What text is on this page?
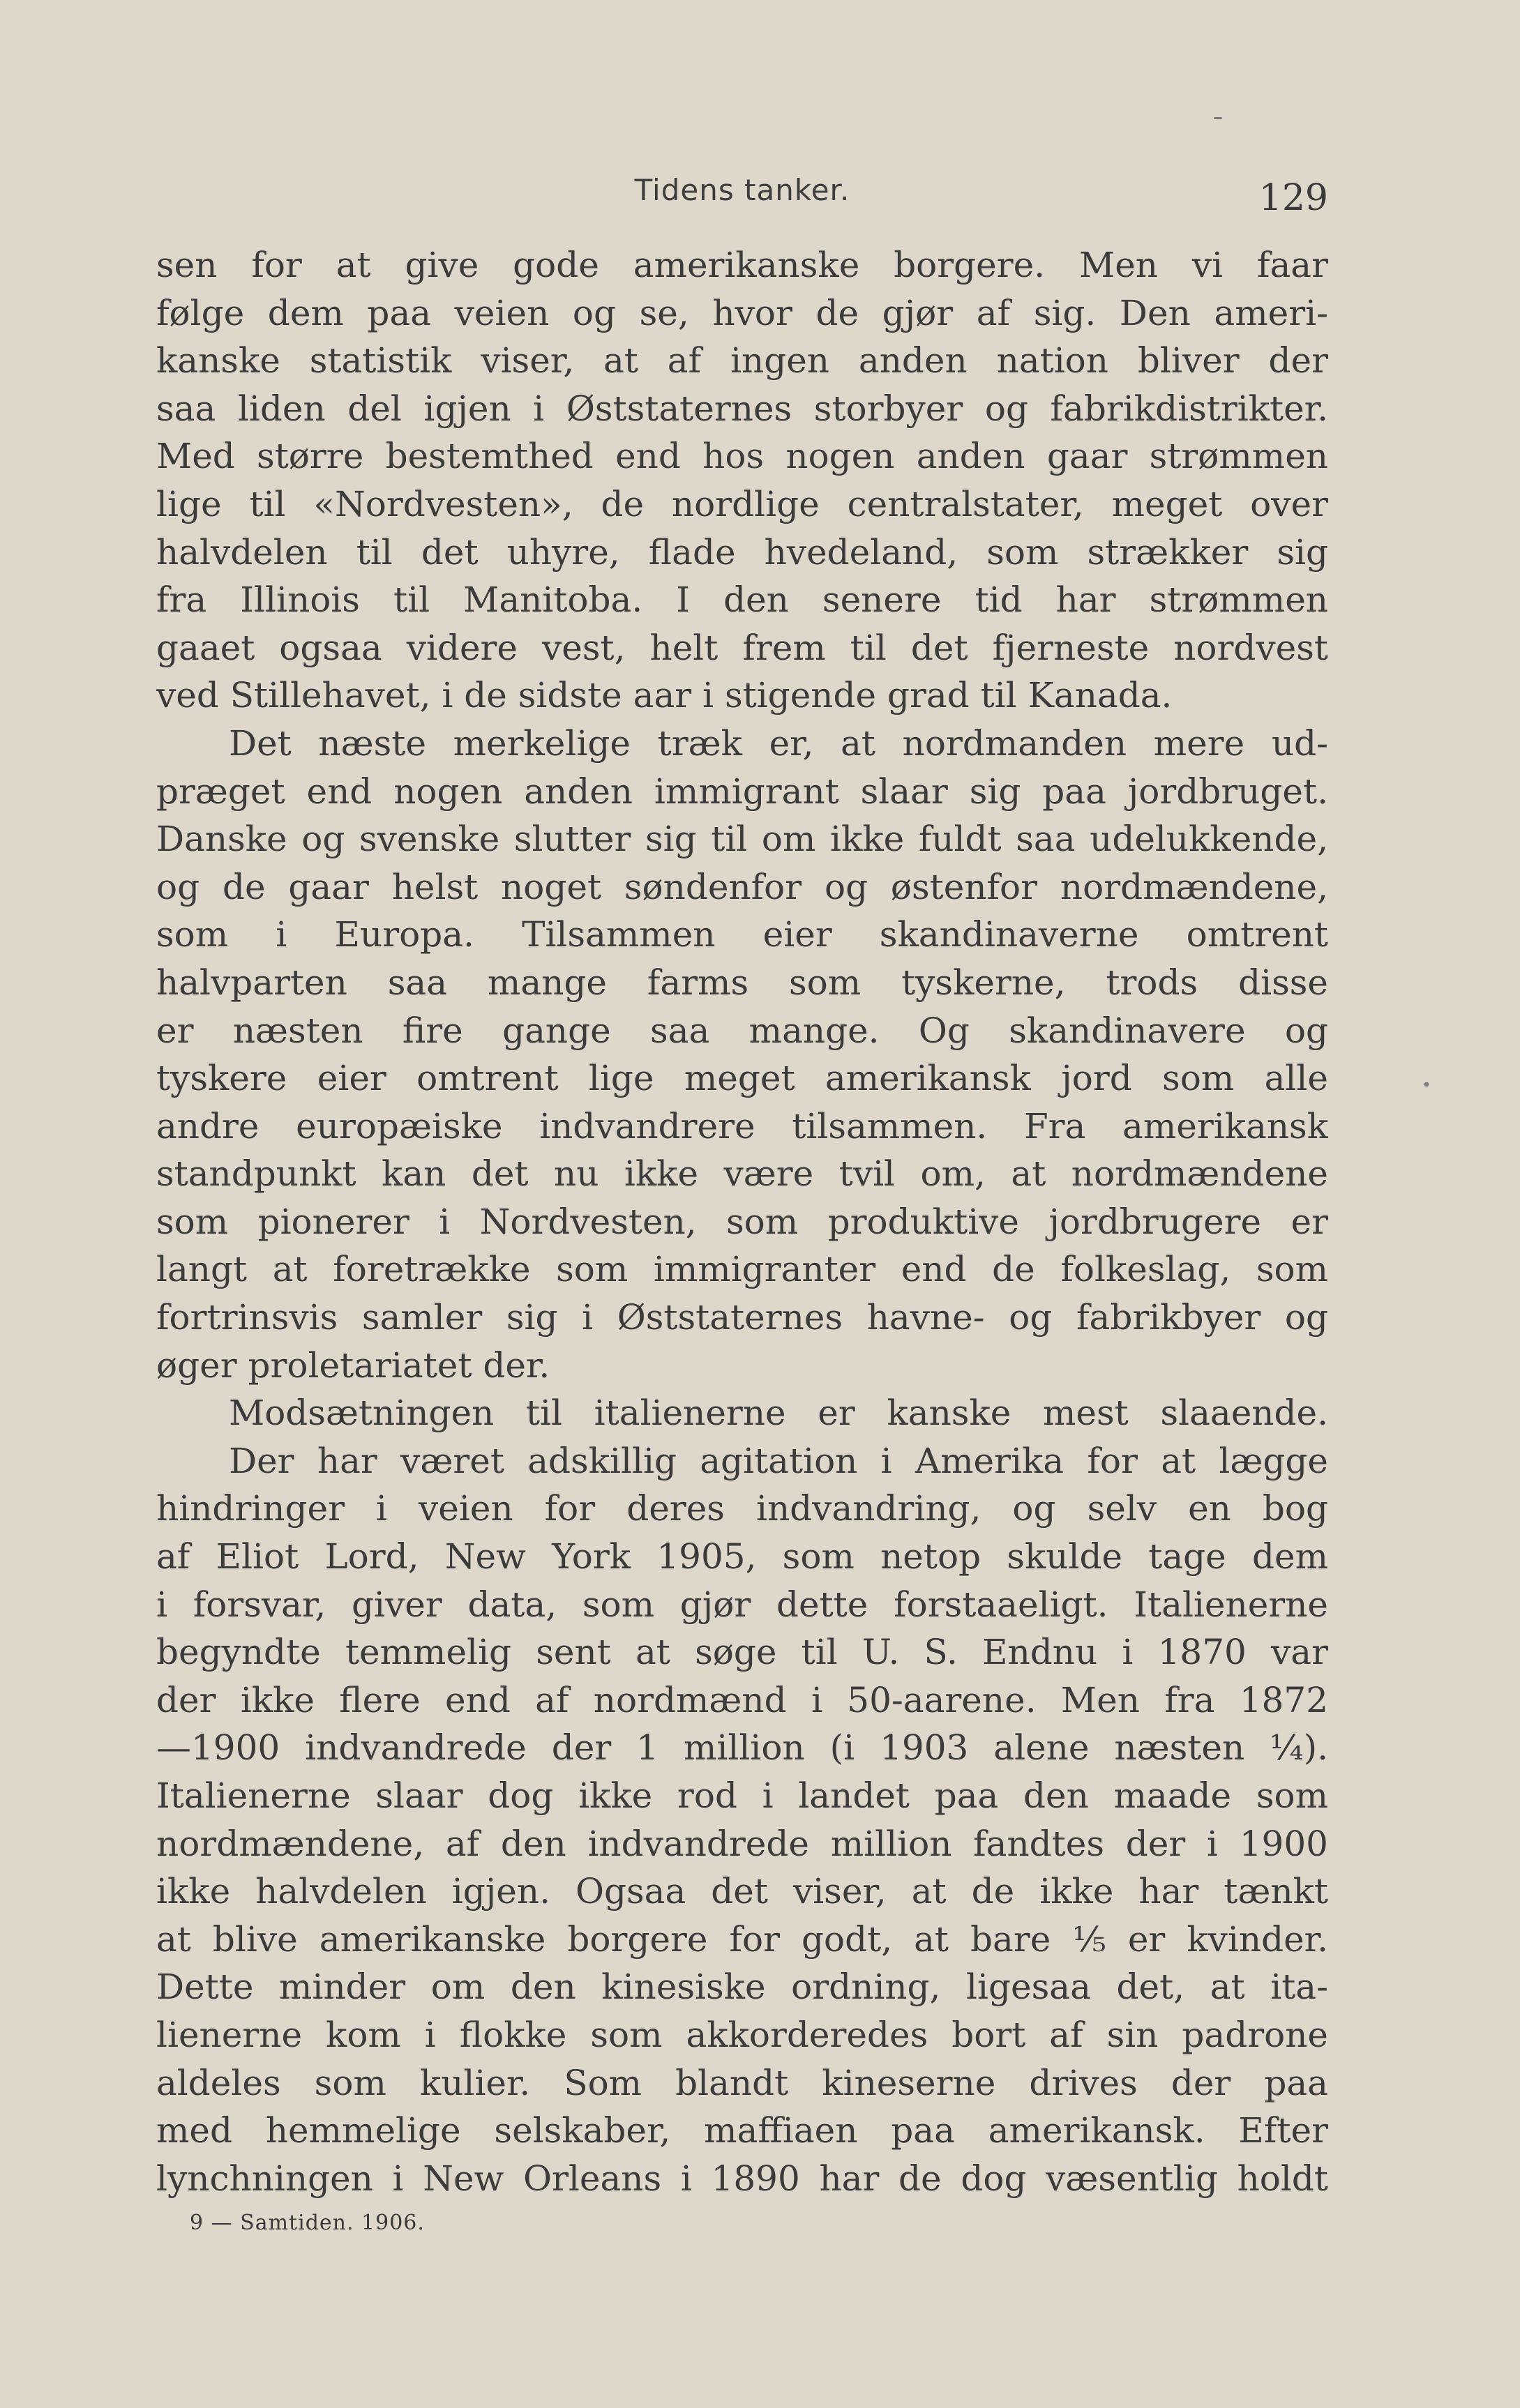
Tidens tanker.	129
sen for at give gode amerikanske borgere. Men vi faar
følge dem paa veien og se, hvor de gjør af sig. Den ameri-
kanske statistik viser, at af ingen anden nation bliver der
saa liden del igjen i Øststaternes storbyer og fabrikdistrikter.
Med større bestemthed end hos nogen anden gaar strømmen
lige til «Nordvesten», de nordlige centralstater, meget over
halvdelen til det uhyre, flade hvedeland, som strækker sig
fra Illinois til Manitoba. I den senere tid har strømmen
gaaet ogsaa videre vest, helt frem til det fjerneste nordvest
ved Stillehavet, i de sidste aar i stigende grad til Kanada.
Det næste merkelige træk er, at nordmanden mere ud-
præget end nogen anden immigrant slaar sig paa jordbruget.
Danske og svenske slutter sig til om ikke fuldt saa udelukkende,
og de gaar helst noget søndenfor og østenfor nordmændene,
som i Europa. Tilsammen eier skandinaverne omtrent
halvparten saa mange farms som tyskerne, trods disse
er næsten fire gange saa mange. Og skandinavere og
tyskere eier omtrent lige meget amerikansk jord som alle
andre europæiske indvandrere tilsammen. Fra amerikansk
standpunkt kan det nu ikke være tvil om, at nordmændene
som pionerer i Nordvesten, som produktive jordbrugere er
langt at foretrække som immigranter end de folkeslag, som
fortrinsvis samler sig i Øststaternes havne- og fabrikbyer og
øger proletariatet der.
Modsætningen til italienerne er kanske mest slaaende.
Der har været adskillig agitation i Amerika for at lægge
hindringer i veien for deres indvandring, og selv en bog
af Eliot Lord, New York 1905, som netop skulde tage dem
i forsvar, giver data, som gjør dette forstaaeligt. Italienerne
begyndte temmelig sent at søge til U. S. Endnu i 1870 var
der ikke flere end af nordmænd i 50-aarene. Men fra 1872
—1900 indvandrede der 1 million (i 1903 alene næsten ¼).
Italienerne slaar dog ikke rod i landet paa den maade som
nordmændene, af den indvandrede million fandtes der i 1900
ikke halvdelen igjen. Ogsaa det viser, at de ikke har tænkt
at blive amerikanske borgere for godt, at bare ⅕ er kvinder.
Dette minder om den kinesiske ordning, ligesaa det, at ita-
lienerne kom i flokke som akkorderedes bort af sin padrone
aldeles som kulier. Som blandt kineserne drives der paa
med hemmelige selskaber, maffiaen paa amerikansk. Efter
lynchningen i New Orleans i 1890 har de dog væsentlig holdt
9 — Samtiden. 1906.
